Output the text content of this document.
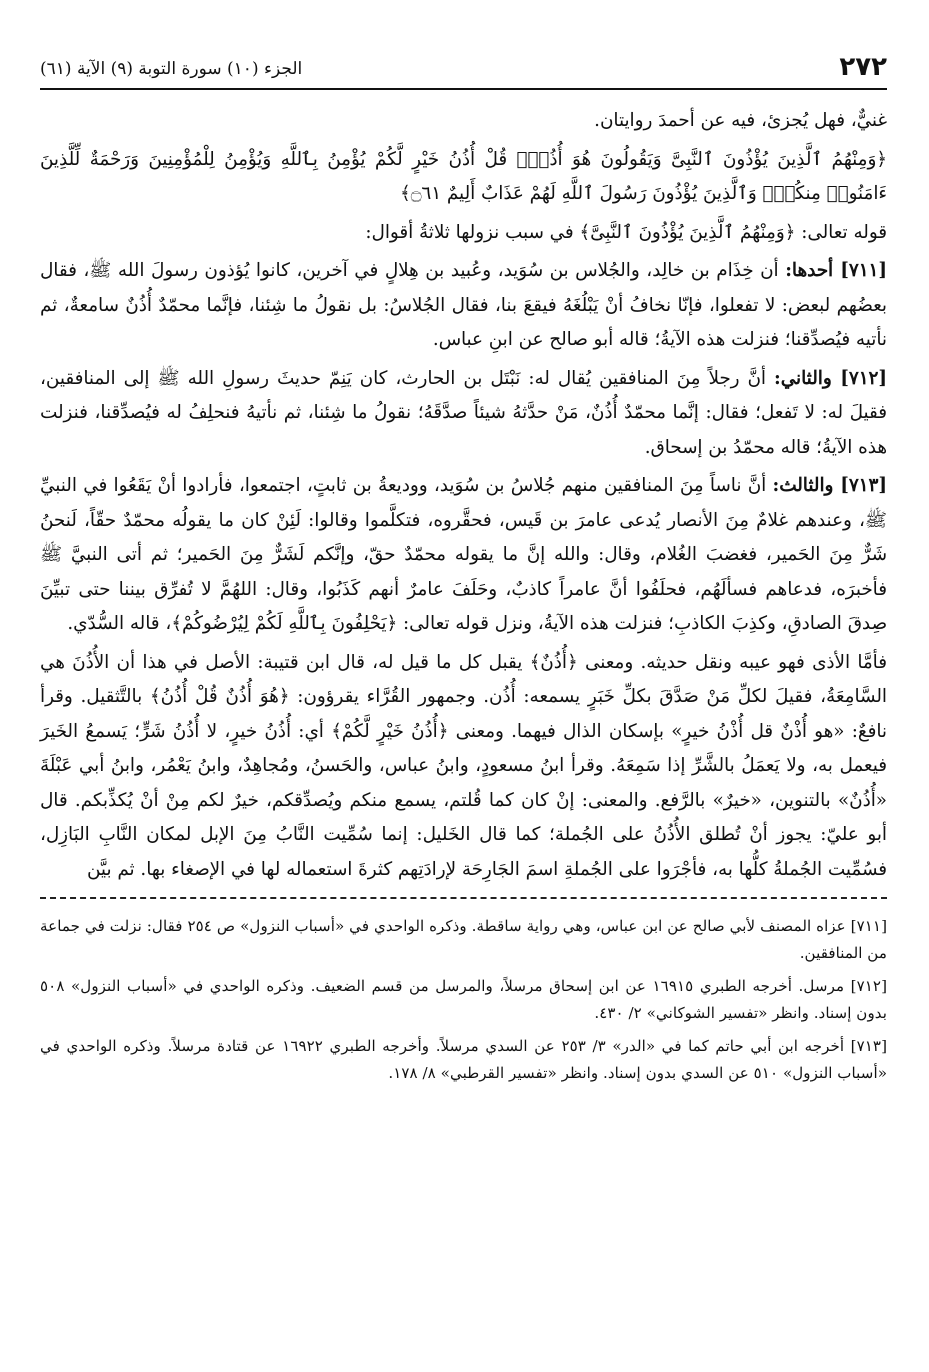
٢٧٢
الجزء (١٠) سورة التوبة (٩) الآية (٦١)

غنيٌّ، فهل يُجزئ، فيه عن أحمدَ روايتان.

﴿وَمِنْهُمُ ٱلَّذِينَ يُؤْذُونَ ٱلنَّبِىَّ وَيَقُولُونَ هُوَ أُذُنٌۚ قُلْ أُذُنُ خَيْرٍ لَّكُمْ يُؤْمِنُ بِٱللَّهِ وَيُؤْمِنُ لِلْمُؤْمِنِينَ وَرَحْمَةٌ لِّلَّذِينَ ءَامَنُوا۟ مِنكُمْۚ وَٱلَّذِينَ يُؤْذُونَ رَسُولَ ٱللَّهِ لَهُمْ عَذَابٌ أَلِيمٌ ۝٦١﴾

قوله تعالى: ﴿وَمِنْهُمُ ٱلَّذِينَ يُؤْذُونَ ٱلنَّبِىَّ﴾ في سبب نزولها ثلاثةُ أقوال:

[٧١١] أحدها: أن خِذَام بن خالِد، والجُلاس بن سُوَيد، وعُبيد بن هِلالٍ في آخرين، كانوا يُؤذون رسولَ الله ﷺ، فقال بعضُهم لبعض: لا تفعلوا، فإنّا نخافُ أنْ يَبْلُغَهُ فيقعَ بنا، فقال الجُلاسُ: بل نقولُ ما شِئنا، فإنَّما محمّدٌ أُذُنٌ سامعةٌ، ثم نأتيه فيُصدِّقنا؛ فنزلت هذه الآيةُ؛ قاله أبو صالح عن ابنِ عباس.

[٧١٢] والثاني: أنَّ رجلاً مِنَ المنافقين يُقال له: نَبْتَل بن الحارث، كان يَنِمّ حديثَ رسولِ الله ﷺ إلى المنافقين، فقيلَ له: لا تَفعل؛ فقال: إنَّما محمّدٌ أُذُنٌ، مَنْ حدَّثهُ شيئاً صدَّقَهُ؛ نقولُ ما شِئنا، ثم نأتيهُ فنحلِفُ له فيُصدِّقنا، فنزلت هذه الآيةُ؛ قاله محمّدُ بن إسحاق.

[٧١٣] والثالث: أنَّ ناساً مِنَ المنافقين منهم جُلاسُ بن سُوَيد، ووديعةُ بن ثابتٍ، اجتمعوا، فأرادوا أنْ يَقَعُوا في النبيِّ ﷺ، وعندهم غلامٌ مِنَ الأنصار يُدعى عامرَ بن قَيس، فحقَّروه، فتكلَّموا وقالوا: لَئِنْ كان ما يقولُه محمّدٌ حقّاً، لَنحنُ شَرٌّ مِنَ الحَمير، فغضبَ الغُلام، وقال: والله إنَّ ما يقوله محمّدٌ حقّ، وإنَّكم لَشَرٌّ مِنَ الحَمير؛ ثم أتى النبيَّ ﷺ فأخبرَه، فدعاهم فسألَهُم، فحلَفُوا أنَّ عامراً كاذبٌ، وحَلَفَ عامرٌ أنهم كَذَبُوا، وقال: اللهُمَّ لا تُفرِّق بيننا حتى تبيِّنَ صِدقَ الصادقِ، وكذِبَ الكاذبِ؛ فنزلت هذه الآيةُ، ونزل قوله تعالى: ﴿يَحْلِفُونَ بِٱللَّهِ لَكُمْ لِيُرْضُوكُمْ﴾، قاله السُّدّي.

فأمَّا الأذى فهو عيبه ونقل حديثه. ومعنى ﴿أُذُنٌ﴾ يقبل كل ما قيل له، قال ابن قتيبة: الأصل في هذا أن الأُذُنَ هي السَّامِعَةُ، فقيلَ لكلِّ مَنْ صَدَّقَ بكلِّ خَبَرٍ يسمعه: أُذُن. وجمهور القُرَّاء يقرؤون: ﴿هُوَ أُذُنٌ قُلْ أُذُنُ﴾ بالتَّثقيل. وقرأ نافعٌ: «هو أُذْنٌ قل أُذْنُ خيرٍ» بإسكان الذال فيهما. ومعنى ﴿أُذُنُ خَيْرٍ لَّكُمْ﴾ أي: أُذُنُ خيرٍ، لا أُذُنُ شَرٍّ؛ يَسمعُ الخَيرَ فيعمل به، ولا يَعمَلُ بالشَّرِّ إذا سَمِعَهُ. وقرأ ابنُ مسعودٍ، وابنُ عباس، والحَسنُ، ومُجاهِدٌ، وابنُ يَعْمُر، وابنُ أبي عَبْلَةَ «أُذُنٌ» بالتنوين، «خيرٌ» بالرَّفع. والمعنى: إنْ كان كما قُلتم، يسمع منكم ويُصدِّقكم، خيرٌ لكم مِنْ أنْ يُكذِّبكم. قال أبو عليّ: يجوز أنْ تُطلق الأُذُنُ على الجُملة؛ كما قال الخَليل: إنما سُمِّيت النَّابُ مِنَ الإبل لمكان النَّابِ البَازِل، فسُمِّيت الجُملةُ كلُّها به، فأجْرَوا على الجُملةِ اسمَ الجَارِحَة لإرادَتِهم كثرةَ استعماله لها في الإصغاء بها. ثم بيَّن

[٧١١] عزاه المصنف لأبي صالح عن ابن عباس، وهي رواية ساقطة. وذكره الواحدي في «أسباب النزول» ص ٢٥٤ فقال: نزلت في جماعة من المنافقين.

[٧١٢] مرسل. أخرجه الطبري ١٦٩١٥ عن ابن إسحاق مرسلاً، والمرسل من قسم الضعيف. وذكره الواحدي في «أسباب النزول» ٥٠٨ بدون إسناد. وانظر «تفسير الشوكاني» ٢/ ٤٣٠.

[٧١٣] أخرجه ابن أبي حاتم كما في «الدر» ٣/ ٢٥٣ عن السدي مرسلاً. وأخرجه الطبري ١٦٩٢٢ عن قتادة مرسلاً. وذكره الواحدي في «أسباب النزول» ٥١٠ عن السدي بدون إسناد. وانظر «تفسير القرطبي» ٨/ ١٧٨.
